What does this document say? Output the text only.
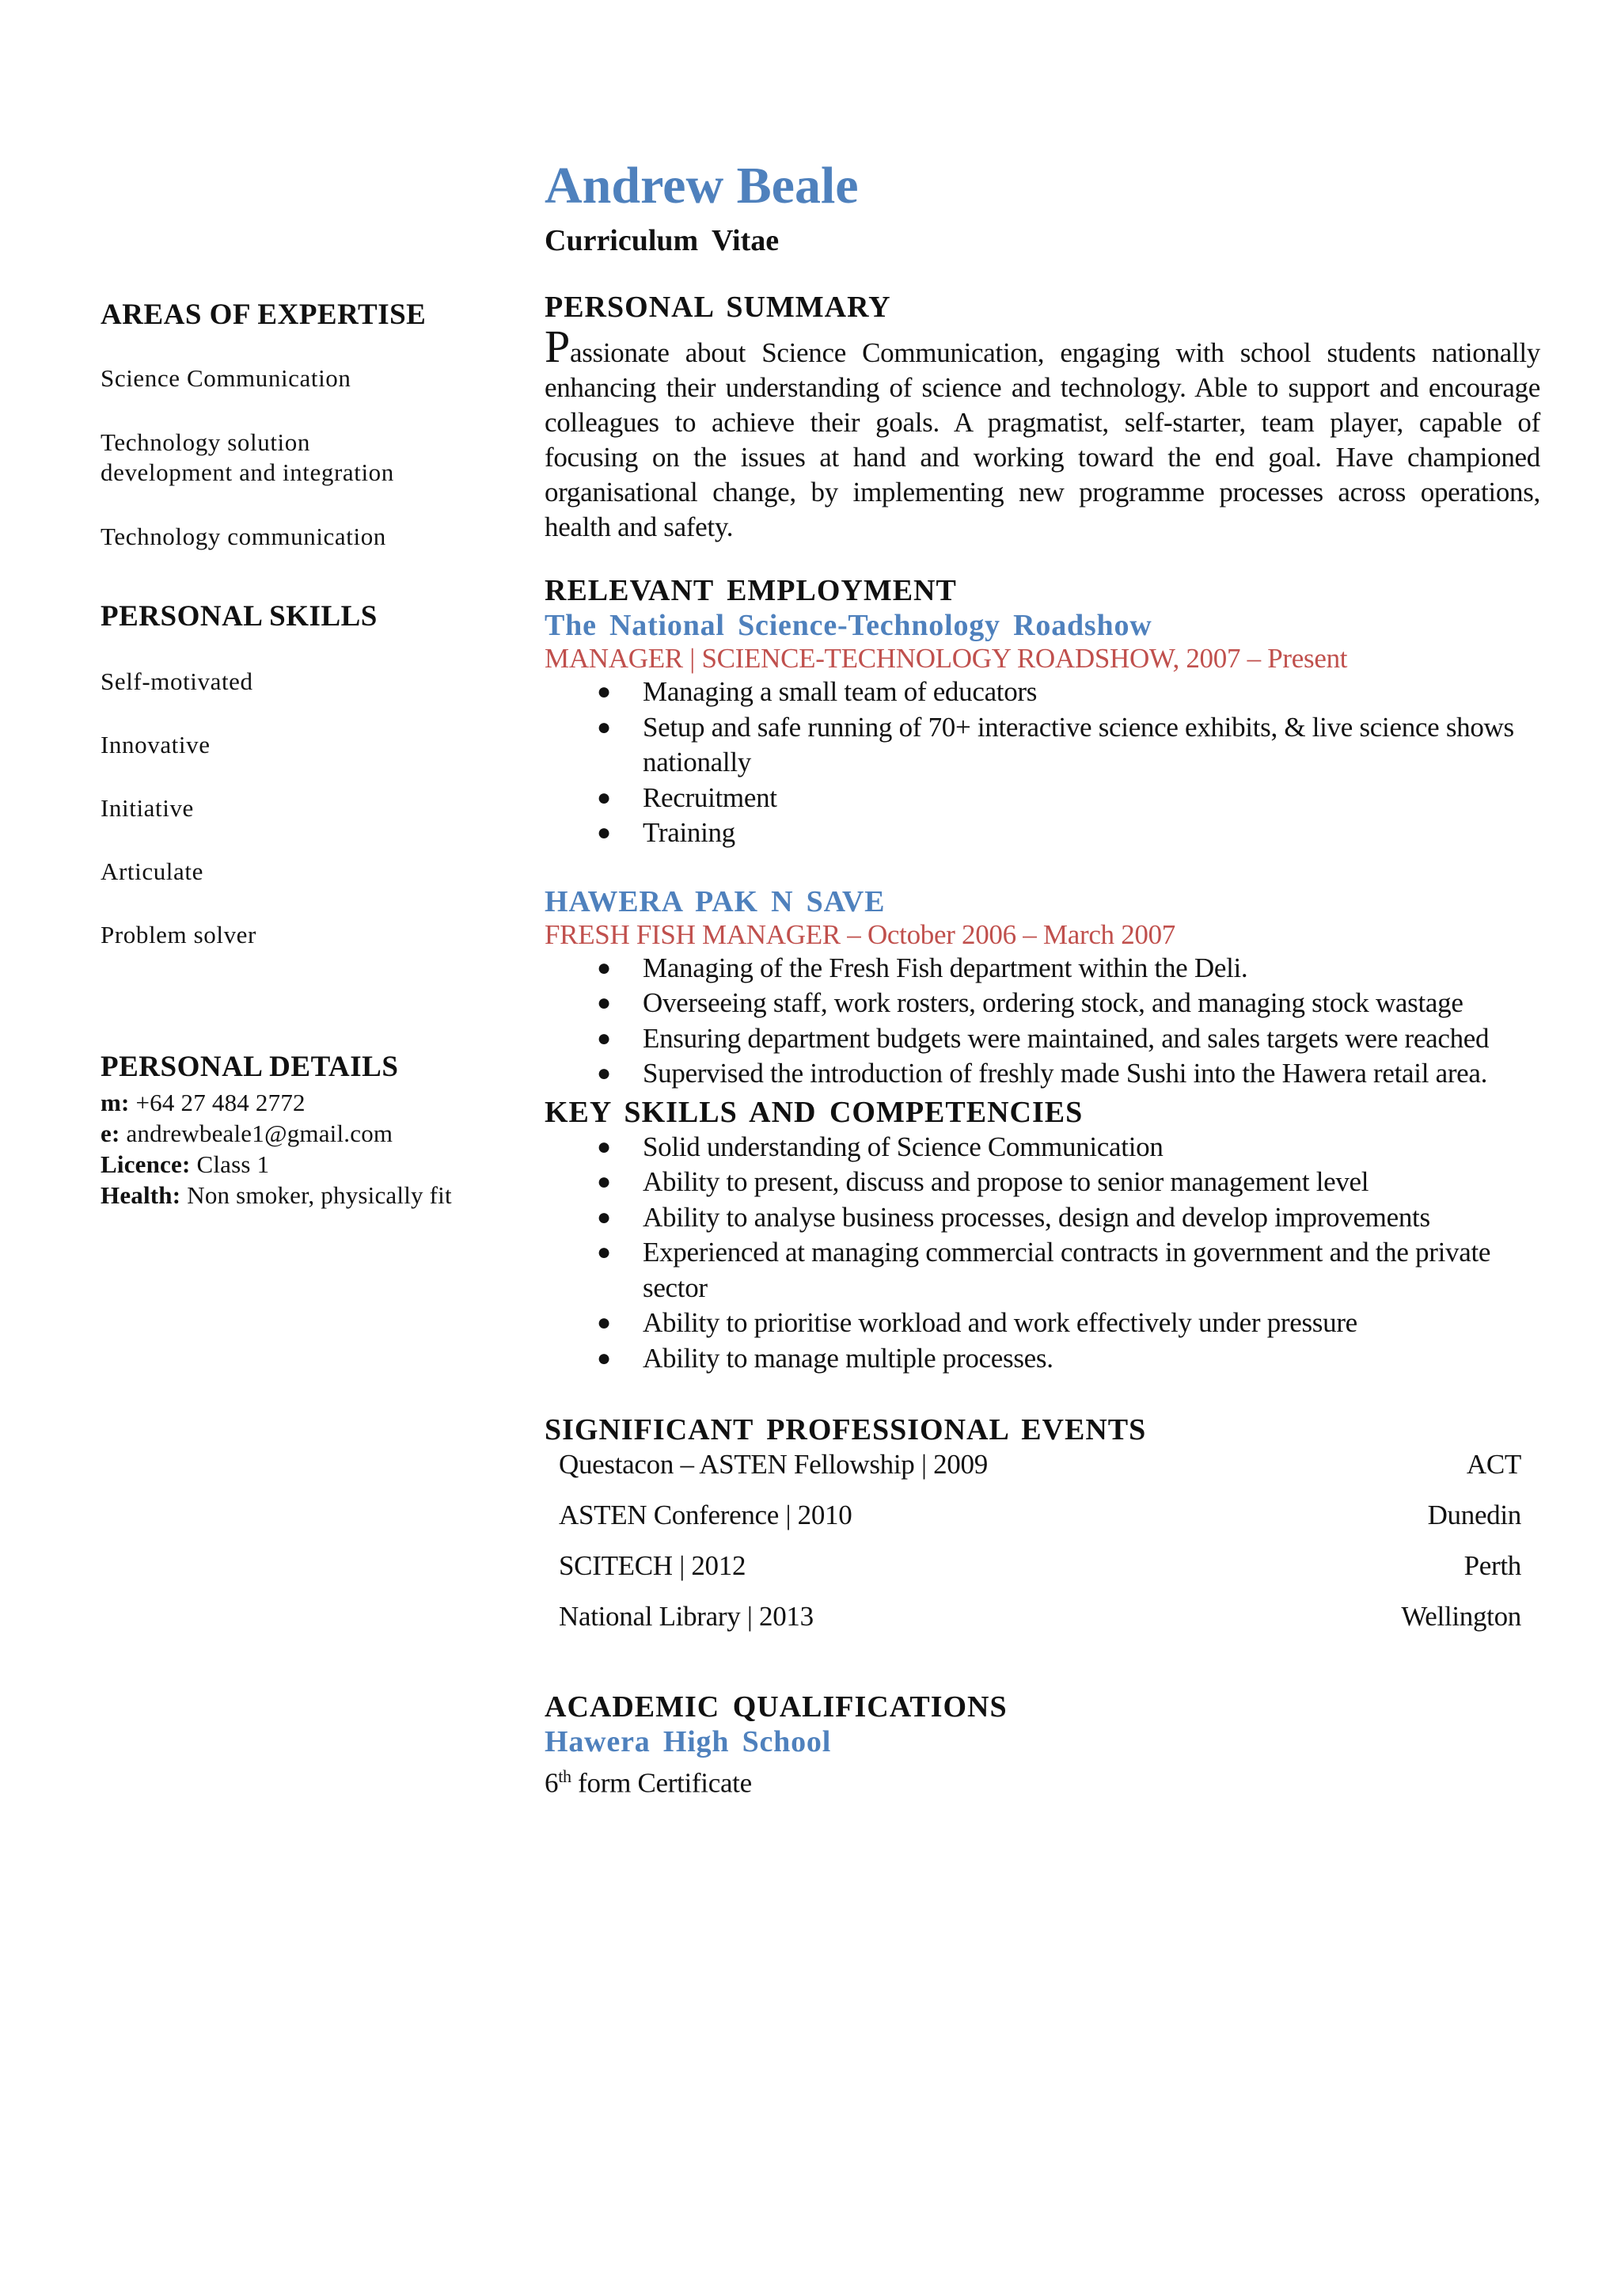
AREAS OF EXPERTISE
Science Communication
Technology solution
development and integration
Technology communication
PERSONAL SKILLS
Self-motivated
Innovative
Initiative
Articulate
Problem solver
PERSONAL DETAILS
m: +64 27 484 2772
e: andrewbeale1@gmail.com
Licence: Class 1
Health: Non smoker, physically fit
Andrew Beale
Curriculum Vitae
PERSONAL SUMMARY
Passionate about Science Communication, engaging with school students nationally enhancing their understanding of science and technology. Able to support and encourage colleagues to achieve their goals. A pragmatist, self-starter, team player, capable of focusing on the issues at hand and working toward the end goal. Have championed organisational change, by implementing new programme processes across operations, health and safety.
RELEVANT EMPLOYMENT
The National Science-Technology Roadshow
MANAGER | SCIENCE-TECHNOLOGY ROADSHOW, 2007 – Present
● Managing a small team of educators
● Setup and safe running of 70+ interactive science exhibits, & live science shows nationally
● Recruitment
● Training
HAWERA PAK N SAVE
FRESH FISH MANAGER – October 2006 – March 2007
● Managing of the Fresh Fish department within the Deli.
● Overseeing staff, work rosters, ordering stock, and managing stock wastage
● Ensuring department budgets were maintained, and sales targets were reached
● Supervised the introduction of freshly made Sushi into the Hawera retail area.
KEY SKILLS AND COMPETENCIES
● Solid understanding of Science Communication
● Ability to present, discuss and propose to senior management level
● Ability to analyse business processes, design and develop improvements
● Experienced at managing commercial contracts in government and the private sector
● Ability to prioritise workload and work effectively under pressure
● Ability to manage multiple processes.
SIGNIFICANT PROFESSIONAL EVENTS
Questacon – ASTEN Fellowship | 2009	ACT
ASTEN Conference | 2010	Dunedin
SCITECH | 2012	Perth
National Library | 2013	Wellington
ACADEMIC QUALIFICATIONS
Hawera High School
6th form Certificate
